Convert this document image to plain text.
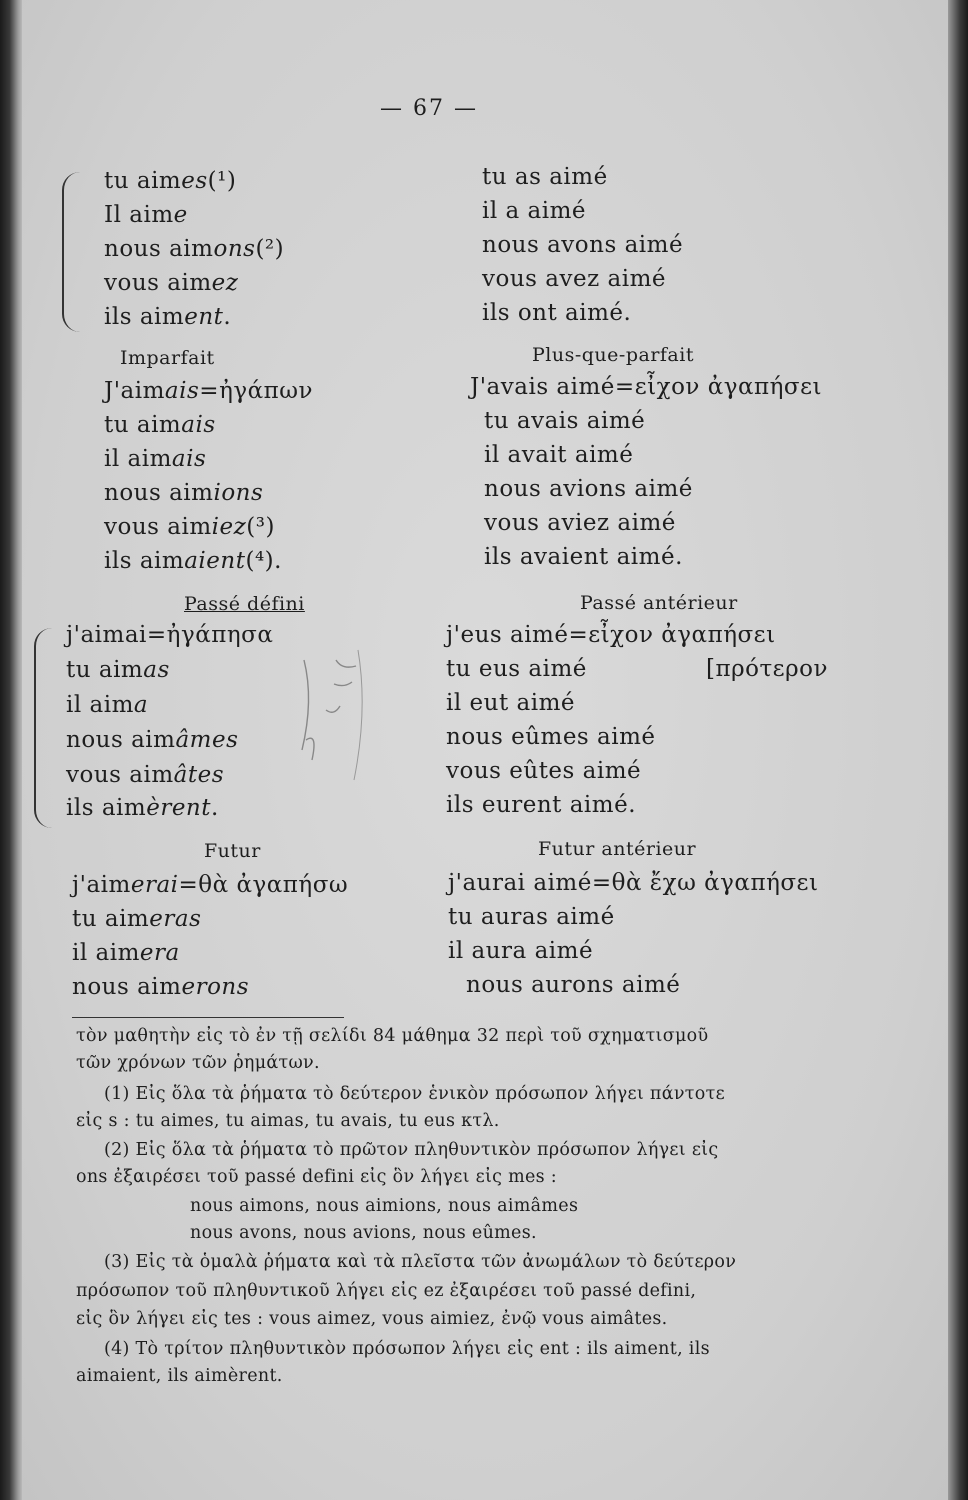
— 67 —
tu aimes(¹)
Il aime
nous aimons(²)
vous aimez
ils aiment.
tu as aimé
il a aimé
nous avons aimé
vous avez aimé
ils ont aimé.
Imparfait
J'aimais=ἠγάπων
tu aimais
il aimais
nous aimions
vous aimiez(³)
ils aimaient(⁴).
Plus-que-parfait
J'avais aimé=εἶχον ἀγαπήσει
tu avais aimé
il avait aimé
nous avions aimé
vous aviez aimé
ils avaient aimé.
Passé défini
j'aimai=ἠγάπησα
tu aimas
il aima
nous aimâmes
vous aimâtes
ils aimèrent.
Passé antérieur
j'eus aimé=εἶχον ἀγαπήσει
tu eus aimé	[πρότερον
il eut aimé
nous eûmes aimé
vous eûtes aimé
ils eurent aimé.
Futur
j'aimerai=θὰ ἀγαπήσω
tu aimeras
il aimera
nous aimerons
Futur antérieur
j'aurai aimé=θὰ ἔχω ἀγαπήσει
tu auras aimé
il aura aimé
nous aurons aimé
τὸν μαθητὴν εἰς τὸ ἐν τῇ σελίδι 84 μάθημα 32 περὶ τοῦ σχηματισμοῦ
τῶν χρόνων τῶν ῥημάτων.
(1) Εἰς ὅλα τὰ ῥήματα τὸ δεύτερον ἑνικὸν πρόσωπον λήγει πάντοτε
εἰς s : tu aimes, tu aimas, tu avais, tu eus κτλ.
(2) Εἰς ὅλα τὰ ῥήματα τὸ πρῶτον πληθυντικὸν πρόσωπον λήγει εἰς
ons ἐξαιρέσει τοῦ passé defini εἰς ὃν λήγει εἰς mes :
nous aimons, nous aimions, nous aimâmes
nous avons, nous avions, nous eûmes.
(3) Εἰς τὰ ὁμαλὰ ῥήματα καὶ τὰ πλεῖστα τῶν ἀνωμάλων τὸ δεύτερον
πρόσωπον τοῦ πληθυντικοῦ λήγει εἰς ez ἐξαιρέσει τοῦ passé defini,
εἰς ὃν λήγει εἰς tes : vous aimez, vous aimiez, ἐνῷ vous aimâtes.
(4) Τὸ τρίτον πληθυντικὸν πρόσωπον λήγει εἰς ent : ils aiment, ils
aimaient, ils aimèrent.
